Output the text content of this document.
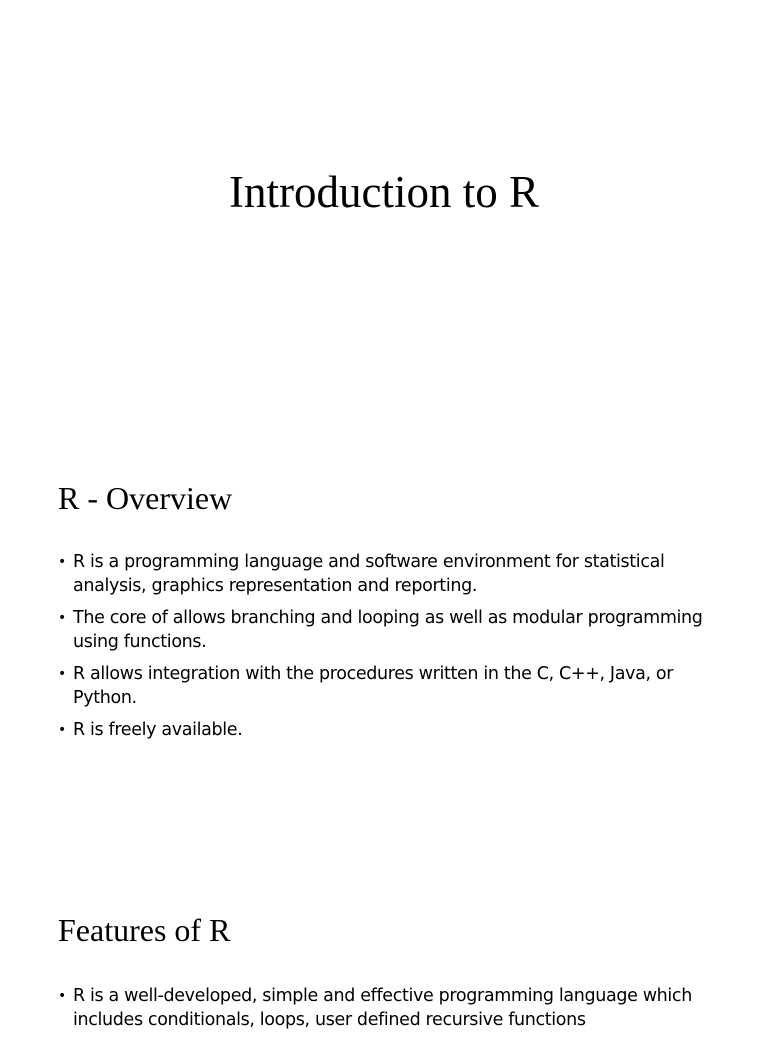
Introduction to R
R - Overview
• R is a programming language and software environment for statistical analysis, graphics representation and reporting.
• The core of allows branching and looping as well as modular programming using functions.
• R allows integration with the procedures written in the C, C++, Java, or Python.
• R is freely available.
Features of R
• R is a well-developed, simple and effective programming language which includes conditionals, loops, user defined recursive functions
